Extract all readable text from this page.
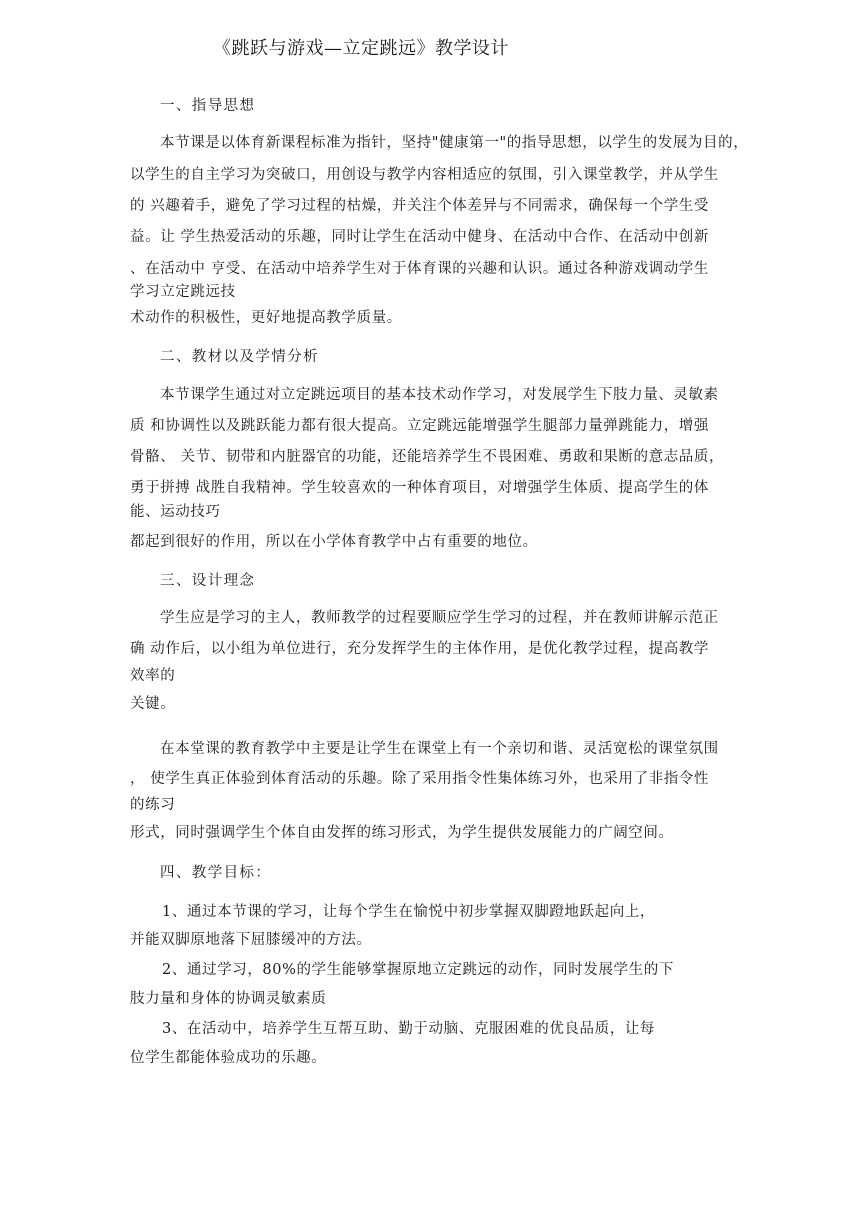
《跳跃与游戏—立定跳远》教学设计
一、指导思想
本节课是以体育新课程标准为指针，坚持"健康第一"的指导思想，以学生的发展为目的，
以学生的自主学习为突破口，用创设与教学内容相适应的氛围，引入课堂教学，并从学生
的 兴趣着手，避免了学习过程的枯燥，并关注个体差异与不同需求，确保每一个学生受
益。让 学生热爱活动的乐趣，同时让学生在活动中健身、在活动中合作、在活动中创新
、在活动中 亨受、在活动中培养学生对于体育课的兴趣和认识。通过各种游戏调动学生
学习立定跳远技
术动作的积极性，更好地提高教学质量。
二、教材以及学情分析
本节课学生通过对立定跳远项目的基本技术动作学习，对发展学生下肢力量、灵敏素
质 和协调性以及跳跃能力都有很大提高。立定跳远能增强学生腿部力量弹跳能力，增强
骨骼、 关节、韧带和内脏器官的功能，还能培养学生不畏困难、勇敢和果断的意志品质，
勇于拼搏 战胜自我精神。学生较喜欢的一种体育项目，对增强学生体质、提高学生的体
能、运动技巧
都起到很好的作用，所以在小学体育教学中占有重要的地位。
三、设计理念
学生应是学习的主人，教师教学的过程要顺应学生学习的过程，并在教师讲解示范正
确 动作后，以小组为单位进行，充分发挥学生的主体作用，是优化教学过程，提高教学
效率的
关键。
在本堂课的教育教学中主要是让学生在课堂上有一个亲切和谐、灵活宽松的课堂氛围
， 使学生真正体验到体育活动的乐趣。除了采用指令性集体练习外，也采用了非指令性
的练习
形式，同时强调学生个体自由发挥的练习形式，为学生提供发展能力的广阔空间。
四、教学目标：
1、通过本节课的学习，让每个学生在愉悦中初步掌握双脚蹬地跃起向上，
并能双脚原地落下屈膝缓冲的方法。
2、通过学习，80%的学生能够掌握原地立定跳远的动作，同时发展学生的下
肢力量和身体的协调灵敏素质
3、在活动中，培养学生互帮互助、勤于动脑、克服困难的优良品质，让每
位学生都能体验成功的乐趣。
